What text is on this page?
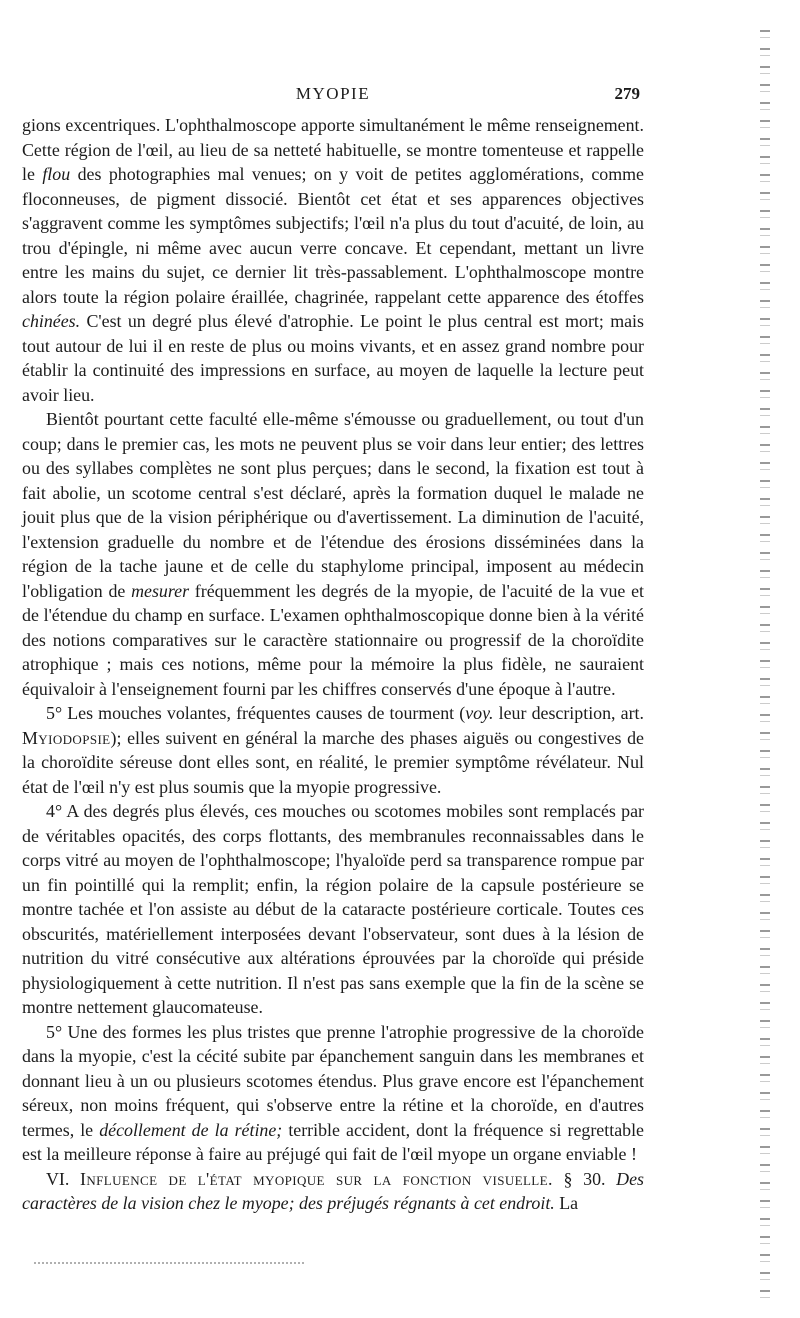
MYOPIE	279

gions excentriques. L'ophthalmoscope apporte simultanément le même renseignement. Cette région de l'œil, au lieu de sa netteté habituelle, se montre tomenteuse et rappelle le flou des photographies mal venues; on y voit de petites agglomérations, comme floconneuses, de pigment dissocié. Bientôt cet état et ses apparences objectives s'aggravent comme les symptômes subjectifs; l'œil n'a plus du tout d'acuité, de loin, au trou d'épingle, ni même avec aucun verre concave. Et cependant, mettant un livre entre les mains du sujet, ce dernier lit très-passablement. L'ophthalmoscope montre alors toute la région polaire éraillée, chagrinée, rappelant cette apparence des étoffes chinées. C'est un degré plus élevé d'atrophie. Le point le plus central est mort; mais tout autour de lui il en reste de plus ou moins vivants, et en assez grand nombre pour établir la continuité des impressions en surface, au moyen de laquelle la lecture peut avoir lieu.

Bientôt pourtant cette faculté elle-même s'émousse ou graduellement, ou tout d'un coup; dans le premier cas, les mots ne peuvent plus se voir dans leur entier; des lettres ou des syllabes complètes ne sont plus perçues; dans le second, la fixation est tout à fait abolie, un scotome central s'est déclaré, après la formation duquel le malade ne jouit plus que de la vision périphérique ou d'avertissement. La diminution de l'acuité, l'extension graduelle du nombre et de l'étendue des érosions disséminées dans la région de la tache jaune et de celle du staphylome principal, imposent au médecin l'obligation de mesurer fréquemment les degrés de la myopie, de l'acuité de la vue et de l'étendue du champ en surface. L'examen ophthalmoscopique donne bien à la vérité des notions comparatives sur le caractère stationnaire ou progressif de la choroïdite atrophique ; mais ces notions, même pour la mémoire la plus fidèle, ne sauraient équivaloir à l'enseignement fourni par les chiffres conservés d'une époque à l'autre.

5° Les mouches volantes, fréquentes causes de tourment (voy. leur description, art. Myiodopsie); elles suivent en général la marche des phases aiguës ou congestives de la choroïdite séreuse dont elles sont, en réalité, le premier symptôme révélateur. Nul état de l'œil n'y est plus soumis que la myopie progressive.

4° A des degrés plus élevés, ces mouches ou scotomes mobiles sont remplacés par de véritables opacités, des corps flottants, des membranules reconnaissables dans le corps vitré au moyen de l'ophthalmoscope; l'hyaloïde perd sa transparence rompue par un fin pointillé qui la remplit; enfin, la région polaire de la capsule postérieure se montre tachée et l'on assiste au début de la cataracte postérieure corticale. Toutes ces obscurités, matériellement interposées devant l'observateur, sont dues à la lésion de nutrition du vitré consécutive aux altérations éprouvées par la choroïde qui préside physiologiquement à cette nutrition. Il n'est pas sans exemple que la fin de la scène se montre nettement glaucomateuse.

5° Une des formes les plus tristes que prenne l'atrophie progressive de la choroïde dans la myopie, c'est la cécité subite par épanchement sanguin dans les membranes et donnant lieu à un ou plusieurs scotomes étendus. Plus grave encore est l'épanchement séreux, non moins fréquent, qui s'observe entre la rétine et la choroïde, en d'autres termes, le décollement de la rétine; terrible accident, dont la fréquence si regrettable est la meilleure réponse à faire au préjugé qui fait de l'œil myope un organe enviable !

VI. Influence de l'état myopique sur la fonction visuelle. § 30. Des caractères de la vision chez le myope; des préjugés régnants à cet endroit. La
